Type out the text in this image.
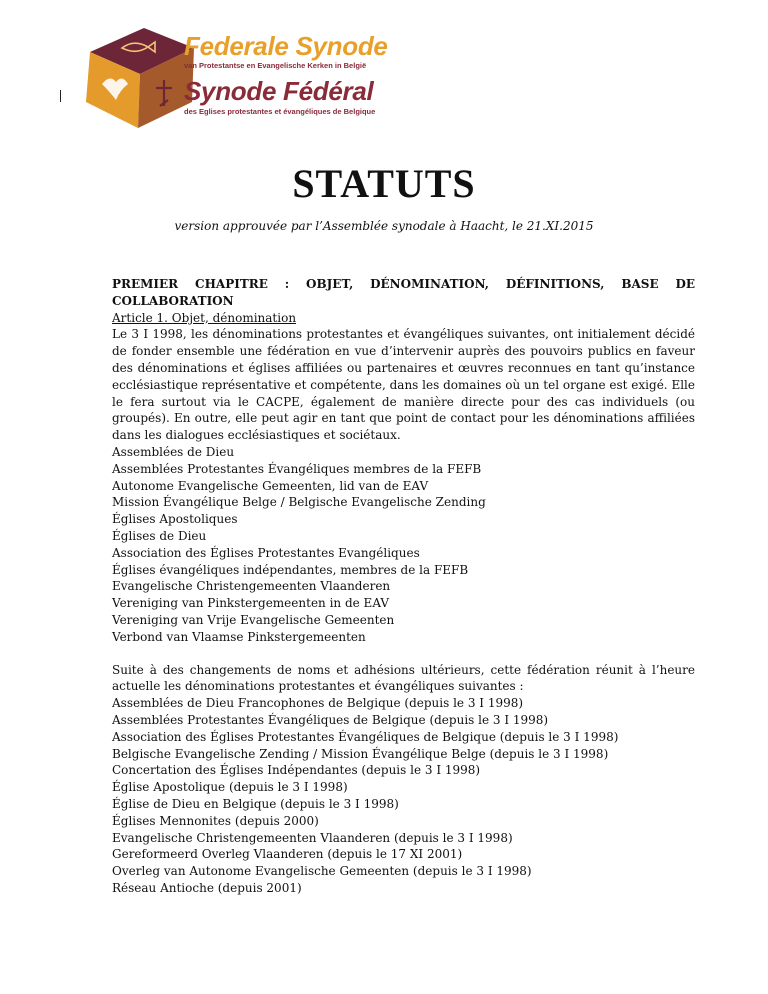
Federale Synode
van Protestantse en Evangelische Kerken in België
Synode Fédéral
des Eglises protestantes et évangéliques de Belgique
STATUTS
version approuvée par l’Assemblée synodale à Haacht, le 21.XI.2015
PREMIER CHAPITRE : OBJET, DÉNOMINATION, DÉFINITIONS, BASE DE COLLABORATION
Article 1. Objet, dénomination
Le 3 I 1998, les dénominations protestantes et évangéliques suivantes, ont initialement décidé de fonder ensemble une fédération en vue d’intervenir auprès des pouvoirs publics en faveur des dénominations et églises affiliées ou partenaires et œuvres reconnues en tant qu’instance ecclésiastique représentative et compétente, dans les domaines où un tel organe est exigé. Elle le fera surtout via le CACPE, également de manière directe pour des cas individuels (ou groupés). En outre, elle peut agir en tant que point de contact pour les dénominations affiliées dans les dialogues ecclésiastiques et sociétaux.
Assemblées de Dieu
Assemblées Protestantes Évangéliques membres de la FEFB
Autonome Evangelische Gemeenten, lid van de EAV
Mission Évangélique Belge / Belgische Evangelische Zending
Églises Apostoliques
Églises de Dieu
Association des Églises Protestantes Evangéliques
Églises évangéliques indépendantes, membres de la FEFB
Evangelische Christengemeenten Vlaanderen
Vereniging van Pinkstergemeenten in de EAV
Vereniging van Vrije Evangelische Gemeenten
Verbond van Vlaamse Pinkstergemeenten
Suite à des changements de noms et adhésions ultérieurs, cette fédération réunit à l’heure actuelle les dénominations protestantes et évangéliques suivantes :
Assemblées de Dieu Francophones de Belgique (depuis le 3 I 1998)
Assemblées Protestantes Évangéliques de Belgique (depuis le 3 I 1998)
Association des Églises Protestantes Évangéliques de Belgique (depuis le 3 I 1998)
Belgische Evangelische Zending / Mission Évangélique Belge (depuis le 3 I 1998)
Concertation des Églises Indépendantes (depuis le 3 I 1998)
Église Apostolique (depuis le 3 I 1998)
Église de Dieu en Belgique (depuis le 3 I 1998)
Églises Mennonites (depuis 2000)
Evangelische Christengemeenten Vlaanderen (depuis le 3 I 1998)
Gereformeerd Overleg Vlaanderen (depuis le 17 XI 2001)
Overleg van Autonome Evangelische Gemeenten (depuis le 3 I 1998)
Réseau Antioche (depuis 2001)
